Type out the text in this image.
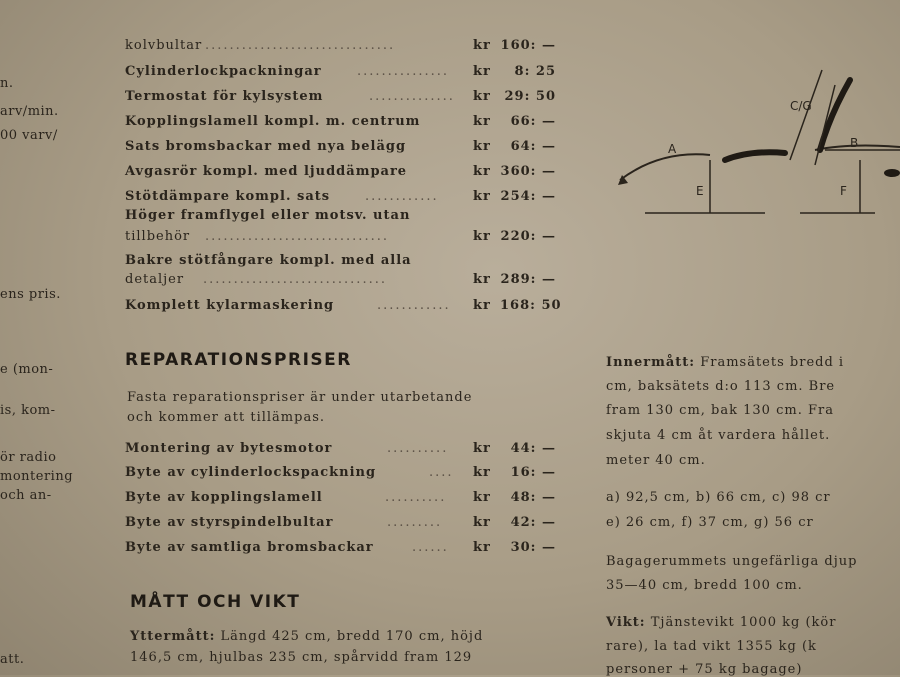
n.
arv/min.
00 varv/
ens pris.
e (mon-
is, kom-
ör radio
montering
och an-
att.
kolvbultar ...............................	kr 160: —
Cylinderlockpackningar	............... kr	8: 25
Termostat för kylsystem	.............. kr	29: 50
Kopplingslamell kompl. m. centrum	kr	66: —
Sats bromsbackar med nya belägg	kr	64: —
Avgasrör kompl. med ljuddämpare	kr 360: —
Stötdämpare kompl. sats	............	kr 254: —
Höger framflygel eller motsv. utan
tillbehör ..............................	kr 220: —
Bakre stötfångare kompl. med alla
detaljer ..............................	kr 289: —
Komplett kylarmaskering	............ kr 168: 50
REPARATIONSPRISER
Fasta reparationspriser är under utarbetande
och kommer att tillämpas.
Montering av bytesmotor	.......... kr	44: —
Byte av cylinderlockspackning	.... kr	16: —
Byte av kopplingslamell	.......... kr	48: —
Byte av styrspindelbultar	......... kr	42: —
Byte av samtliga bromsbackar	...... kr	30: —
MÅTT OCH VIKT
Yttermått: Längd 425 cm, bredd 170 cm, höjd
146,5 cm, hjulbas 235 cm, spårvidd fram 129
A	B
C/G
E	F
Innermått: Framsätets bredd i
cm, baksätets d:o 113 cm. Bre
fram 130 cm, bak 130 cm. Fra
skjuta 4 cm åt vardera hållet.
meter 40 cm.
a) 92,5 cm, b) 66 cm, c) 98 cr
e) 26 cm, f) 37 cm, g) 56 cr
Bagagerummets ungefärliga djup
35—40 cm, bredd 100 cm.
Vikt: Tjänstevikt 1000 kg (kör
rare), la tad vikt 1355 kg (k
personer + 75 kg bagage)
